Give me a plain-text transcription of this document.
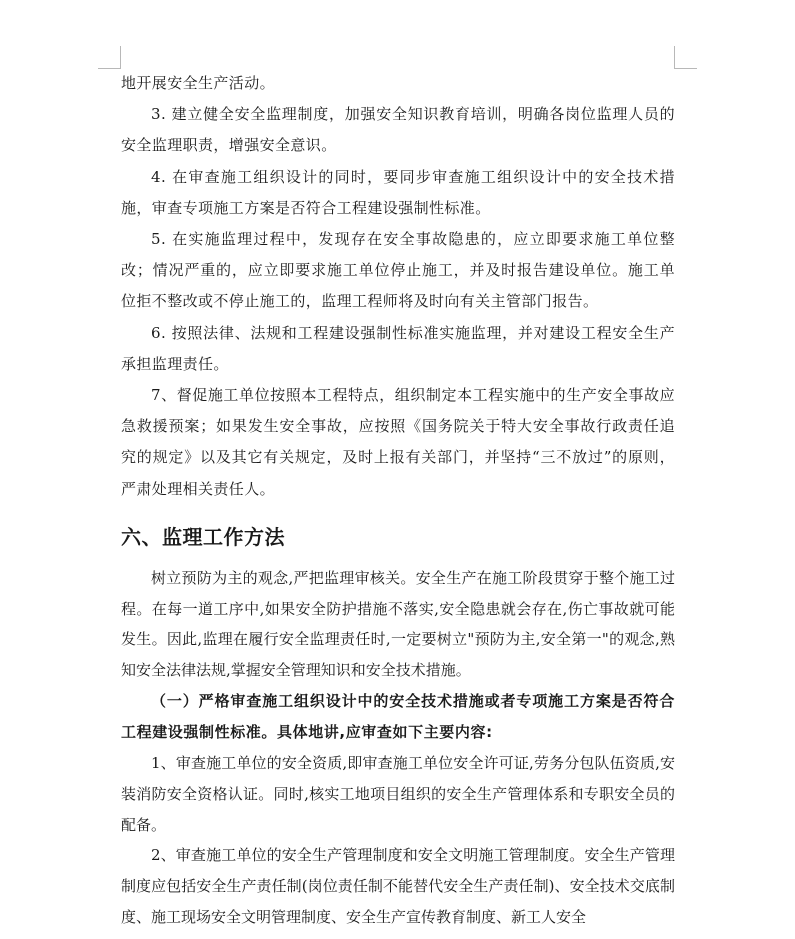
地开展安全生产活动。

3. 建立健全安全监理制度，加强安全知识教育培训，明确各岗位监理人员的安全监理职责，增强安全意识。

4. 在审查施工组织设计的同时，要同步审查施工组织设计中的安全技术措施，审查专项施工方案是否符合工程建设强制性标准。

5. 在实施监理过程中，发现存在安全事故隐患的，应立即要求施工单位整改；情况严重的，应立即要求施工单位停止施工，并及时报告建设单位。施工单位拒不整改或不停止施工的，监理工程师将及时向有关主管部门报告。

6. 按照法律、法规和工程建设强制性标准实施监理，并对建设工程安全生产承担监理责任。

7、督促施工单位按照本工程特点，组织制定本工程实施中的生产安全事故应急救援预案；如果发生安全事故，应按照《国务院关于特大安全事故行政责任追究的规定》以及其它有关规定，及时上报有关部门，并坚持“三不放过”的原则，严肃处理相关责任人。

六、监理工作方法

树立预防为主的观念,严把监理审核关。安全生产在施工阶段贯穿于整个施工过程。在每一道工序中,如果安全防护措施不落实,安全隐患就会存在,伤亡事故就可能发生。因此,监理在履行安全监理责任时,一定要树立"预防为主,安全第一"的观念,熟知安全法律法规,掌握安全管理知识和安全技术措施。

（一）严格审查施工组织设计中的安全技术措施或者专项施工方案是否符合工程建设强制性标准。具体地讲,应审查如下主要内容:

1、审查施工单位的安全资质,即审查施工单位安全许可证,劳务分包队伍资质,安装消防安全资格认证。同时,核实工地项目组织的安全生产管理体系和专职安全员的配备。

2、审查施工单位的安全生产管理制度和安全文明施工管理制度。安全生产管理制度应包括安全生产责任制(岗位责任制不能替代安全生产责任制)、安全技术交底制度、施工现场安全文明管理制度、安全生产宣传教育制度、新工人安全
